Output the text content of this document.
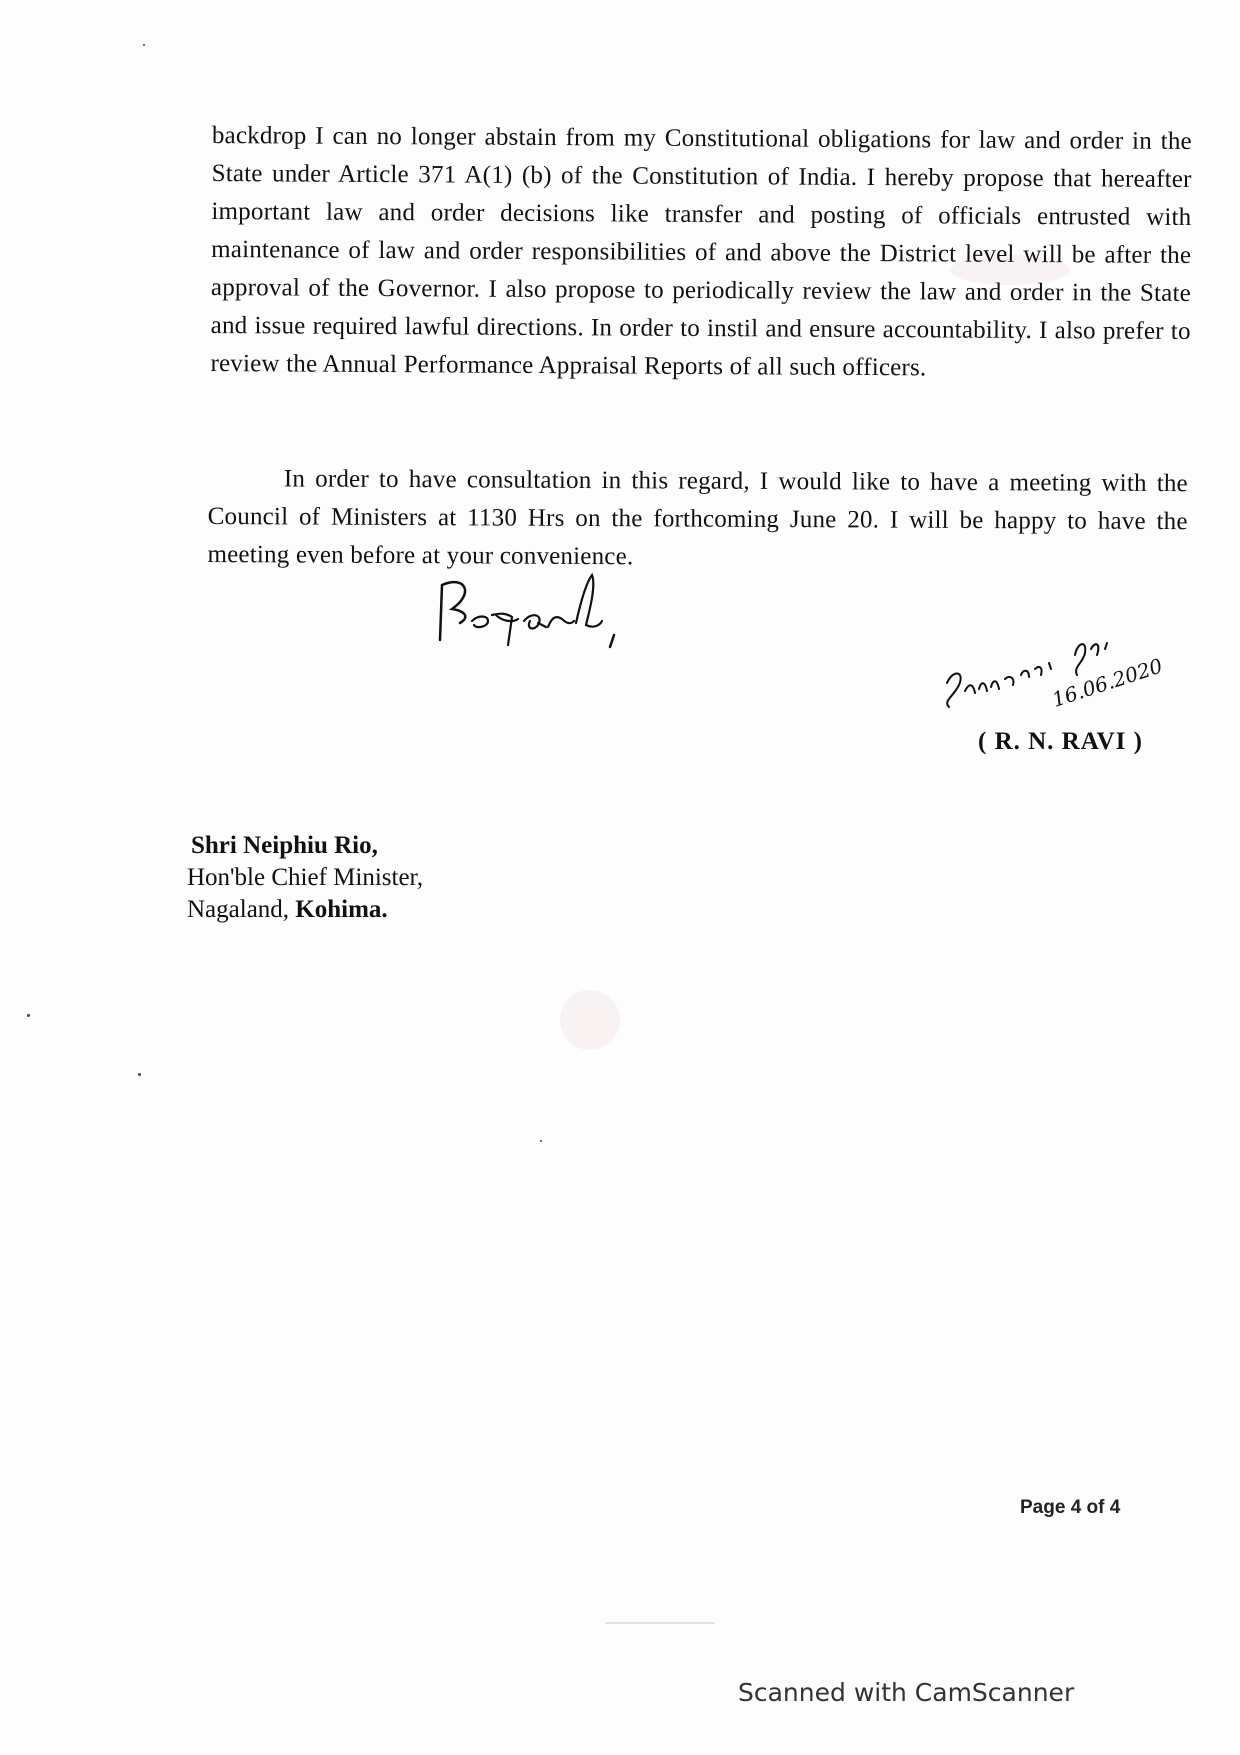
backdrop I can no longer abstain from my Constitutional obligations for law and order in the State under Article 371 A(1) (b) of the Constitution of India. I hereby propose that hereafter important law and order decisions like transfer and posting of officials entrusted with maintenance of law and order responsibilities of and above the District level will be after the approval of the Governor. I also propose to periodically review the law and order in the State and issue required lawful directions. In order to instil and ensure accountability. I also prefer to review the Annual Performance Appraisal Reports of all such officers.

In order to have consultation in this regard, I would like to have a meeting with the Council of Ministers at 1130 Hrs on the forthcoming June 20. I will be happy to have the meeting even before at your convenience.

16.06.2020
( R. N. RAVI )
Shri Neiphiu Rio,
Hon'ble Chief Minister,
Nagaland, Kohima.
Page 4 of 4
Scanned with CamScanner
